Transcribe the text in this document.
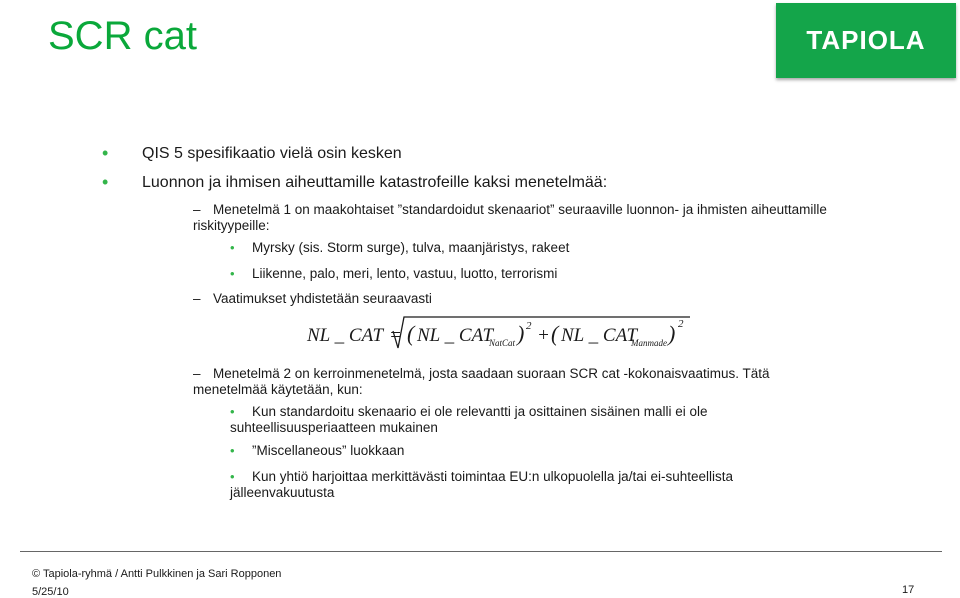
SCR cat	TAPIOLA
• QIS 5 spesifikaatio vielä osin kesken
• Luonnon ja ihmisen aiheuttamille katastrofeille kaksi menetelmää:
– Menetelmä 1 on maakohtaiset ”standardoidut skenaariot” seuraaville luonnon- ja ihmisten aiheuttamille riskityypeille:
•	Myrsky (sis. Storm surge), tulva, maanjäristys, rakeet
•	Liikenne, palo, meri, lento, vastuu, luotto, terrorismi
– Vaatimukset yhdistetään seuraavasti
NL _ CAT = ( NL _ CAT
NatCat ) 2 + ( NL _ CAT
Manmade ) 2
– Menetelmä 2 on kerroinmenetelmä, josta saadaan suoraan SCR cat -kokonaisvaatimus. Tätä menetelmää käytetään, kun:
•	Kun standardoitu skenaario ei ole relevantti ja osittainen sisäinen malli ei ole suhteellisuusperiaatteen mukainen
•	”Miscellaneous” luokkaan
•	Kun yhtiö harjoittaa merkittävästi toimintaa EU:n ulkopuolella ja/tai ei-suhteellista jälleenvakuutusta
© Tapiola-ryhmä / Antti Pulkkinen ja Sari Ropponen
5/25/10	17
